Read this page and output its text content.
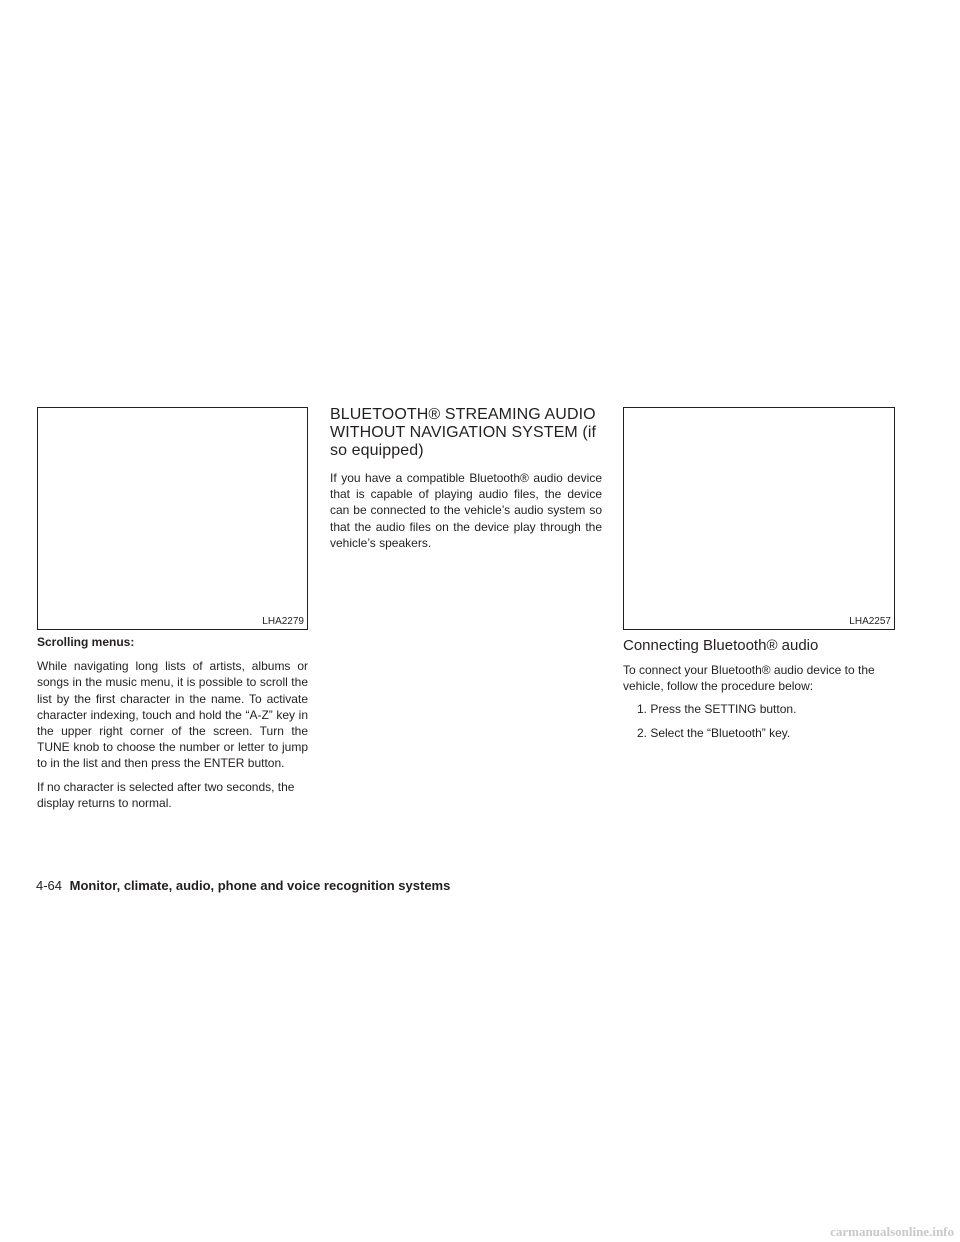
LHA2279

Scrolling menus:

While navigating long lists of artists, albums or songs in the music menu, it is possible to scroll the list by the first character in the name. To activate character indexing, touch and hold the “A-Z” key in the upper right corner of the screen. Turn the TUNE knob to choose the number or letter to jump to in the list and then press the ENTER button.

If no character is selected after two seconds, the display returns to normal.

BLUETOOTH® STREAMING AUDIO
WITHOUT NAVIGATION SYSTEM (if
so equipped)

If you have a compatible Bluetooth® audio device that is capable of playing audio files, the device can be connected to the vehicle’s audio system so that the audio files on the device play through the vehicle’s speakers.

LHA2257
Connecting Bluetooth® audio

To connect your Bluetooth® audio device to the vehicle, follow the procedure below:

1. Press the SETTING button.
2. Select the “Bluetooth” key.
4-64 Monitor, climate, audio, phone and voice recognition systems
carmanualsonline.info
